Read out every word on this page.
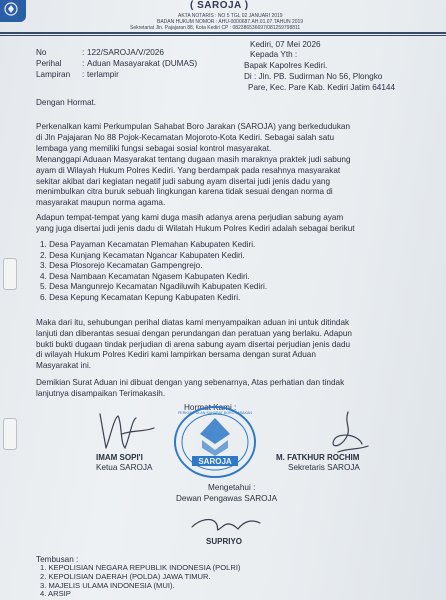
( SAROJA )
AKTA NOTARIS : NO 5 TGL 02 JANUARI 2019
BADAN HUKUM NOMOR : AHU-0000687.AH.01.07.TAHUN 2019
Sekretariat Jln. Pajajaran 88, Kota Kediri CP : 082386536697/081259798811
No	: 122/SAROJA/V/2026
Perihal	: Aduan Masayarakat (DUMAS)
Lampiran : terlampir
Kediri, 07 Mei 2026
Kepada Yth :
Bapak Kapolres Kediri.
Di : Jln. PB. Sudirman No 56, Plongko
Pare, Kec. Pare Kab. Kediri Jatim 64144
Dengan Hormat.
Perkenalkan kami Perkumpulan Sahabat Boro Jarakan (SAROJA) yang berkedudukan
di Jln Pajajaran No 88 Pojok-Kecamatan Mojoroto-Kota Kediri. Sebagai salah satu
lembaga yang memiliki fungsi sebagai sosial kontrol masyarakat.
Menanggapi Aduaan Masyarakat tentang dugaan masih maraknya praktek judi sabung
ayam di Wilayah Hukum Polres Kediri. Yang berdampak pada resahnya masyarakat
sekitar akibat dari kegiatan negatif judi sabung ayam disertai judi jenis dadu yang
menimbulkan citra buruk sebuah lingkungan karena tidak sesuai dengan norma di
masyarakat maupun norma agama.
Adapun tempat-tempat yang kami duga masih adanya arena perjudian sabung ayam
yang juga disertai judi jenis dadu di Wilatah Hukum Polres Kediri adalah sebagai berikut
1. Desa Payaman Kecamatan Plemahan Kabupaten Kediri.
2. Desa Kunjang Kecamatan Ngancar Kabupaten Kediri.
3. Desa Plosorejo Kecamatan Gampengrejo.
4. Desa Nambaan Kecamatan Ngasem Kabupaten Kediri.
5. Desa Mangunrejo Kecamatan Ngadiluwih Kabupaten Kediri.
6. Desa Kepung Kecamatan Kepung Kabupaten Kediri.
Maka dari itu, sehubungan perihal diatas kami menyampaikan aduan ini untuk ditindak
lanjuti dan diberantas sesuai dengan perundangan dan peratuan yang berlaku. Adapun
bukti bukti dugaan tindak perjudian di arena sabung ayam disertai perjudian jenis dadu
di wilayah Hukum Polres Kediri kami lampirkan bersama dengan surat Aduan
Masyarakat ini.
Demikian Surat Aduan ini dibuat dengan yang sebenarnya, Atas perhatian dan tindak
lanjutnya disampaikan Terimakasih.
Hormat Kami :
SAROJA
PERKUMPULAN SAHABAT BORO JARAKAN
IMAM SOPI'I
Ketua SAROJA
M. FATKHUR ROCHIM
Sekretaris SAROJA
Mengetahui :
Dewan Pengawas SAROJA
SUPRIYO
Tembusan :
1. KEPOLISIAN NEGARA REPUBLIK INDONESIA (POLRI)
2. KEPOLISIAN DAERAH (POLDA) JAWA TIMUR.
3. MAJELIS ULAMA INDONESIA (MUI).
4. ARSIP
